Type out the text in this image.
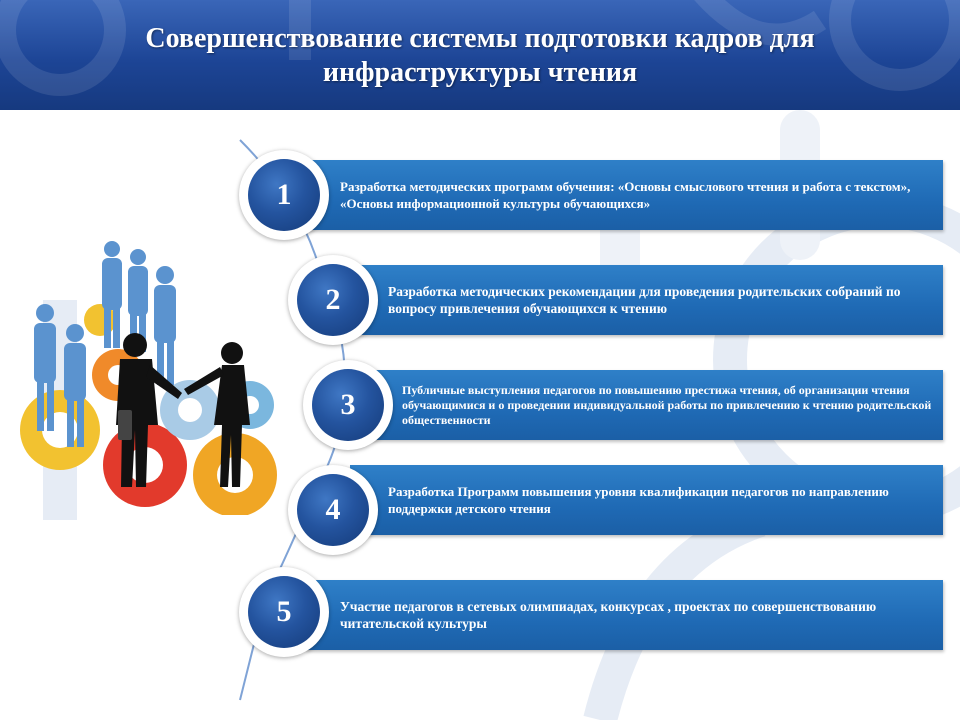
Совершенствование системы подготовки кадров для
инфраструктуры чтения
Разработка методических программ обучения: «Основы смыслового чтения и работа с текстом», «Основы информационной культуры обучающихся»
1
Разработка методических рекомендации для проведения родительских собраний по вопросу привлечения обучающихся к чтению
2
Публичные выступления педагогов по повышению престижа чтения, об организации чтения обучающимися и о проведении индивидуальной работы по привлечению к чтению родительской общественности
3
Разработка Программ повышения уровня квалификации педагогов по направлению поддержки детского чтения
4
Участие педагогов в сетевых олимпиадах, конкурсах , проектах по совершенствованию читательской культуры
5
